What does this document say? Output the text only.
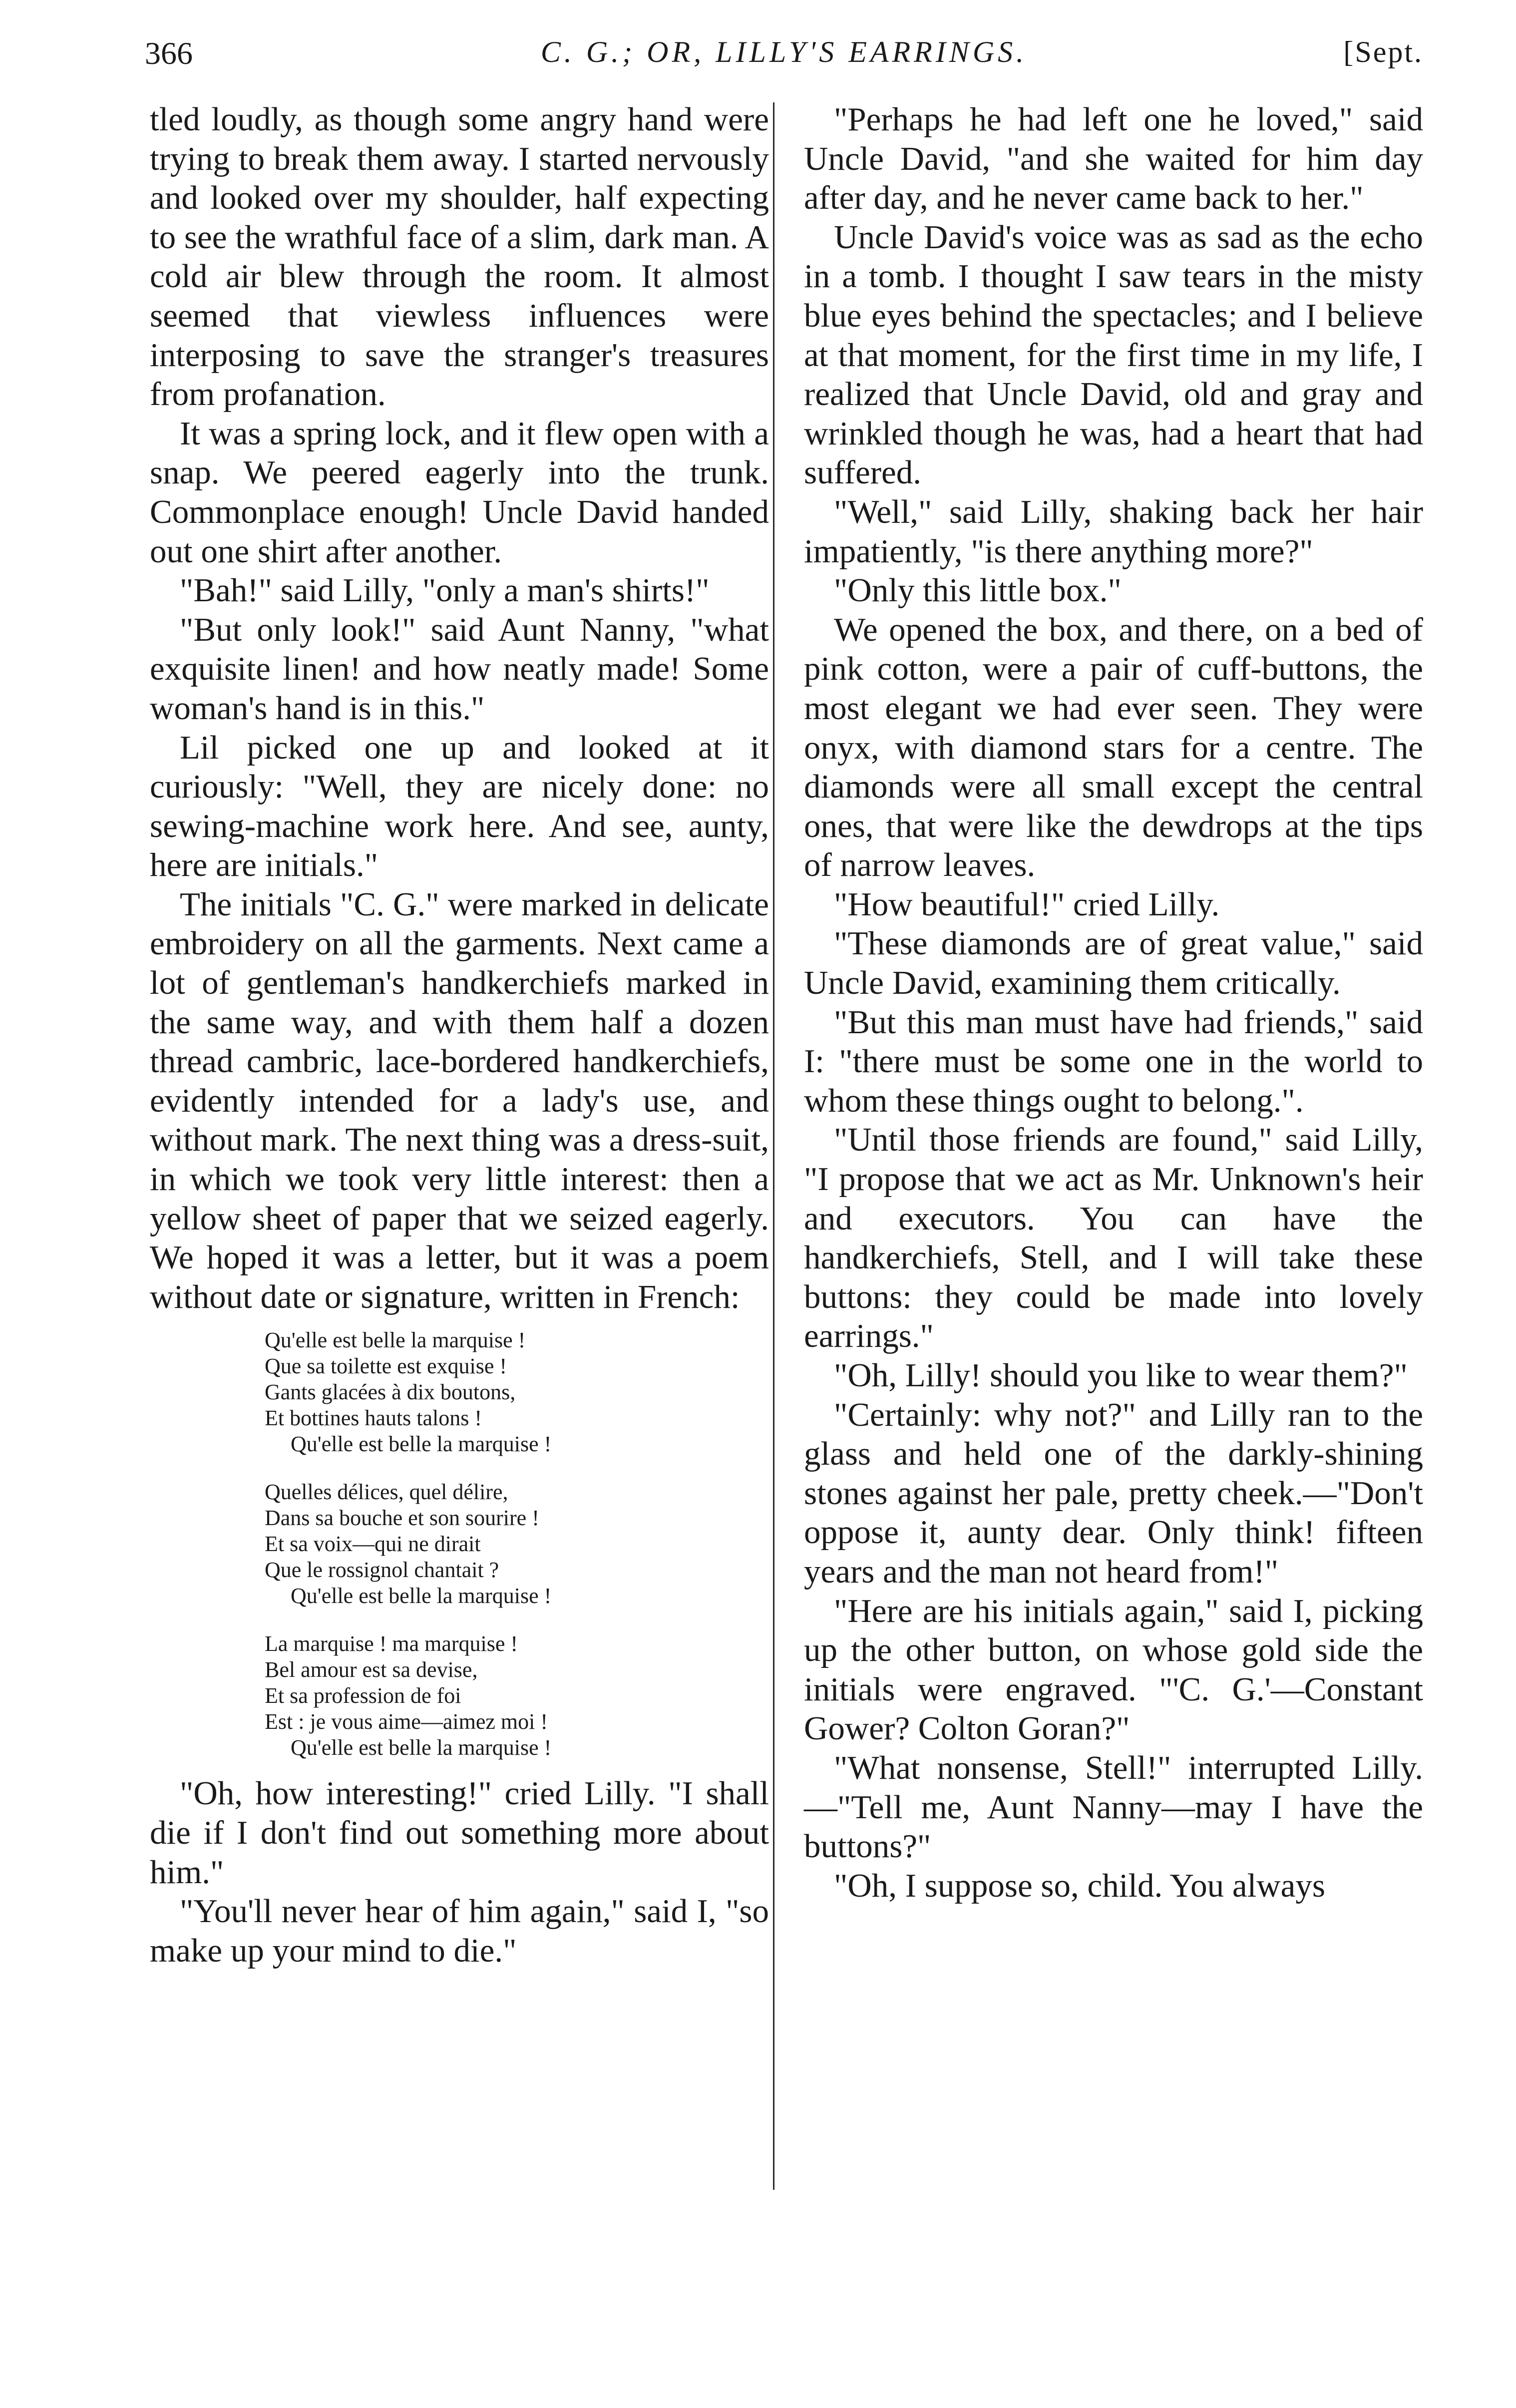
366	C. G.; OR, LILLY'S EARRINGS.	[Sept.

tled loudly, as though some angry hand were trying to break them away. I started nervously and looked over my shoulder, half expecting to see the wrathful face of a slim, dark man. A cold air blew through the room. It almost seemed that viewless influences were interposing to save the stranger's treasures from profanation.

It was a spring lock, and it flew open with a snap. We peered eagerly into the trunk. Commonplace enough! Uncle David handed out one shirt after another.

"Bah!" said Lilly, "only a man's shirts!"

"But only look!" said Aunt Nanny, "what exquisite linen! and how neatly made! Some woman's hand is in this."

Lil picked one up and looked at it curiously: "Well, they are nicely done: no sewing-machine work here. And see, aunty, here are initials."

The initials "C. G." were marked in delicate embroidery on all the garments. Next came a lot of gentleman's handkerchiefs marked in the same way, and with them half a dozen thread cambric, lace-bordered handkerchiefs, evidently intended for a lady's use, and without mark. The next thing was a dress-suit, in which we took very little interest: then a yellow sheet of paper that we seized eagerly. We hoped it was a letter, but it was a poem without date or signature, written in French:

Qu'elle est belle la marquise !
Que sa toilette est exquise !
Gants glacées à dix boutons,
Et bottines hauts talons !
Qu'elle est belle la marquise !
Quelles délices, quel délire,
Dans sa bouche et son sourire !
Et sa voix—qui ne dirait
Que le rossignol chantait ?
Qu'elle est belle la marquise !
La marquise ! ma marquise !
Bel amour est sa devise,
Et sa profession de foi
Est : je vous aime—aimez moi !
Qu'elle est belle la marquise !

"Oh, how interesting!" cried Lilly. "I shall die if I don't find out something more about him."

"You'll never hear of him again," said I, "so make up your mind to die."

"Perhaps he had left one he loved," said Uncle David, "and she waited for him day after day, and he never came back to her."

Uncle David's voice was as sad as the echo in a tomb. I thought I saw tears in the misty blue eyes behind the spectacles; and I believe at that moment, for the first time in my life, I realized that Uncle David, old and gray and wrinkled though he was, had a heart that had suffered.

"Well," said Lilly, shaking back her hair impatiently, "is there anything more?"

"Only this little box."

We opened the box, and there, on a bed of pink cotton, were a pair of cuff-buttons, the most elegant we had ever seen. They were onyx, with diamond stars for a centre. The diamonds were all small except the central ones, that were like the dewdrops at the tips of narrow leaves.

"How beautiful!" cried Lilly.

"These diamonds are of great value," said Uncle David, examining them critically.

"But this man must have had friends," said I: "there must be some one in the world to whom these things ought to belong.".

"Until those friends are found," said Lilly, "I propose that we act as Mr. Unknown's heir and executors. You can have the handkerchiefs, Stell, and I will take these buttons: they could be made into lovely earrings."

"Oh, Lilly! should you like to wear them?"

"Certainly: why not?" and Lilly ran to the glass and held one of the darkly-shining stones against her pale, pretty cheek.—"Don't oppose it, aunty dear. Only think! fifteen years and the man not heard from!"

"Here are his initials again," said I, picking up the other button, on whose gold side the initials were engraved. "'C. G.'—Constant Gower? Colton Goran?"

"What nonsense, Stell!" interrupted Lilly.—"Tell me, Aunt Nanny—may I have the buttons?"

"Oh, I suppose so, child. You always
